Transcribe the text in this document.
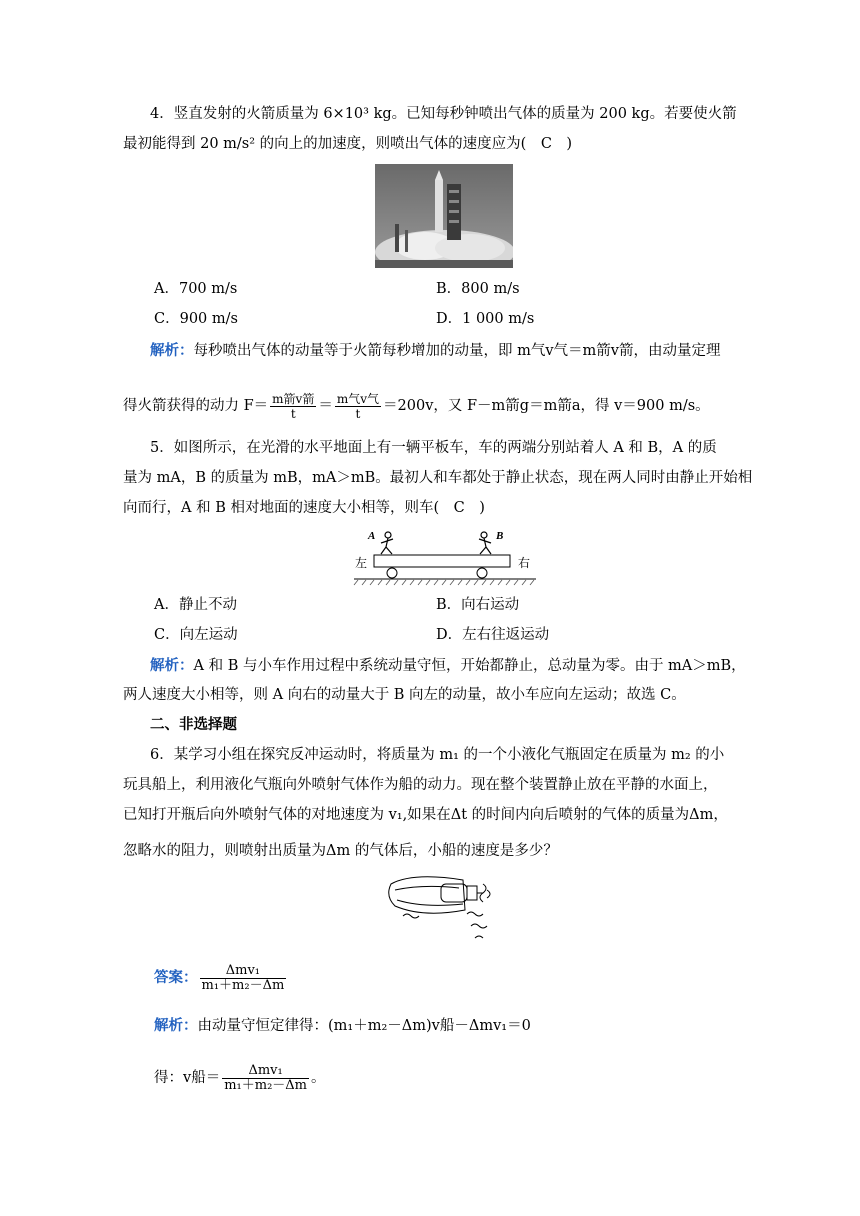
4．竖直发射的火箭质量为 6×10³ kg。已知每秒钟喷出气体的质量为 200 kg。若要使火箭
最初能得到 20 m/s² 的向上的加速度，则喷出气体的速度应为(　C　)
A．700 m/s	B．800 m/s
C．900 m/s	D．1 000 m/s
解析：每秒喷出气体的动量等于火箭每秒增加的动量，即 m气v气＝m箭v箭，由动量定理
得火箭获得的动力 $F= \frac{\text{m箭v箭}}{t} = \frac{\text{m气v气}}{t} =200v$，又 F－m箭g＝m箭a，得 v＝900 m/s。
5．如图所示，在光滑的水平地面上有一辆平板车，车的两端分别站着人 A 和 B，A 的质
量为 mA，B 的质量为 mB，mA＞mB。最初人和车都处于静止状态，现在两人同时由静止开始相
向而行，A 和 B 相对地面的速度大小相等，则车(　C　)
A	B
左	右
A．静止不动	B．向右运动
C．向左运动	D．左右往返运动
解析：A 和 B 与小车作用过程中系统动量守恒，开始都静止，总动量为零。由于 mA＞mB，
两人速度大小相等，则 A 向右的动量大于 B 向左的动量，故小车应向左运动；故选 C。
二、非选择题
6．某学习小组在探究反冲运动时，将质量为 m₁ 的一个小液化气瓶固定在质量为 m₂ 的小
玩具船上，利用液化气瓶向外喷射气体作为船的动力。现在整个装置静止放在平静的水面上，
已知打开瓶后向外喷射气体的对地速度为 v₁,如果在Δt 的时间内向后喷射的气体的质量为Δm，
忽略水的阻力，则喷射出质量为Δm 的气体后，小船的速度是多少？
答案： $\frac{\text{Δmv₁}}{\text{m₁＋m₂－Δm}}$
解析：由动量守恒定律得：(m₁＋m₂－Δm)v船－Δmv₁＝0
得：v船＝ $\frac{\text{Δmv₁}}{\text{m₁＋m₂－Δm}}$ 。
